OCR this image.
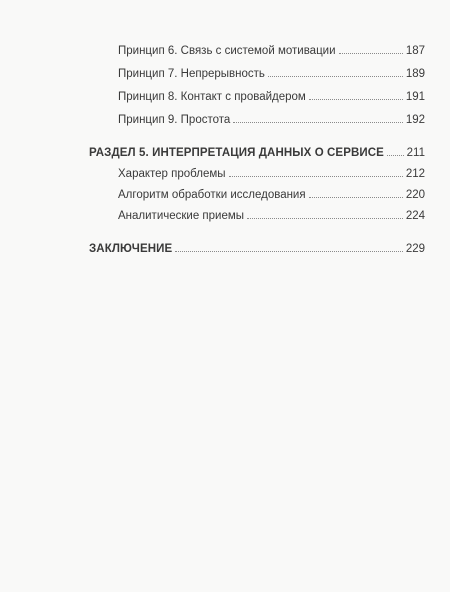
Принцип 6. Связь с системой мотивации	187
Принцип 7. Непрерывность	189
Принцип 8. Контакт с провайдером	191
Принцип 9. Простота	192
РАЗДЕЛ 5. ИНТЕРПРЕТАЦИЯ ДАННЫХ О СЕРВИСЕ 211
Характер проблемы	212
Алгоритм обработки исследования	220
Аналитические приемы	224
ЗАКЛЮЧЕНИЕ	229
